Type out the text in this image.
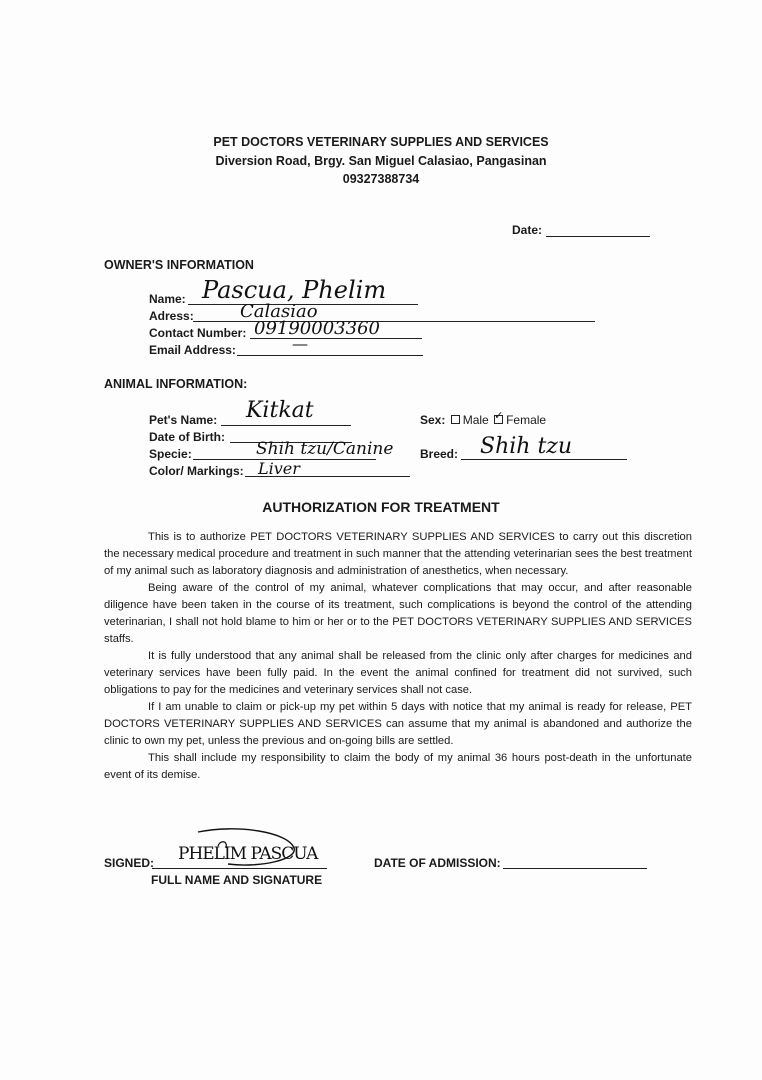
PET DOCTORS VETERINARY SUPPLIES AND SERVICES
Diversion Road, Brgy. San Miguel Calasiao, Pangasinan
09327388734
Date:
OWNER'S INFORMATION
Name: Pascua, Phelim
Adress:	Calasiao
Contact Number: 09190003360
Email Address:	—
ANIMAL INFORMATION:
Pet's Name: Kitkat
Date of Birth:
Specie:	Shih tzu/Canine
Color/ Markings: Liver
Sex: Male ✓ Female
Breed: Shih tzu
AUTHORIZATION FOR TREATMENT

This is to authorize PET DOCTORS VETERINARY SUPPLIES AND SERVICES to carry out this discretion the necessary medical procedure and treatment in such manner that the attending veterinarian sees the best treatment of my animal such as laboratory diagnosis and administration of anesthetics, when necessary.

Being aware of the control of my animal, whatever complications that may occur, and after reasonable diligence have been taken in the course of its treatment, such complications is beyond the control of the attending veterinarian, I shall not hold blame to him or her or to the PET DOCTORS VETERINARY SUPPLIES AND SERVICES staffs.

It is fully understood that any animal shall be released from the clinic only after charges for medicines and veterinary services have been fully paid. In the event the animal confined for treatment did not survived, such obligations to pay for the medicines and veterinary services shall not case.

If I am unable to claim or pick-up my pet within 5 days with notice that my animal is ready for release, PET DOCTORS VETERINARY SUPPLIES AND SERVICES can assume that my animal is abandoned and authorize the clinic to own my pet, unless the previous and on-going bills are settled.

This shall include my responsibility to claim the body of my animal 36 hours post-death in the unfortunate event of its demise.

SIGNED: PHELIM PASCUA
FULL NAME AND SIGNATURE
DATE OF ADMISSION:
